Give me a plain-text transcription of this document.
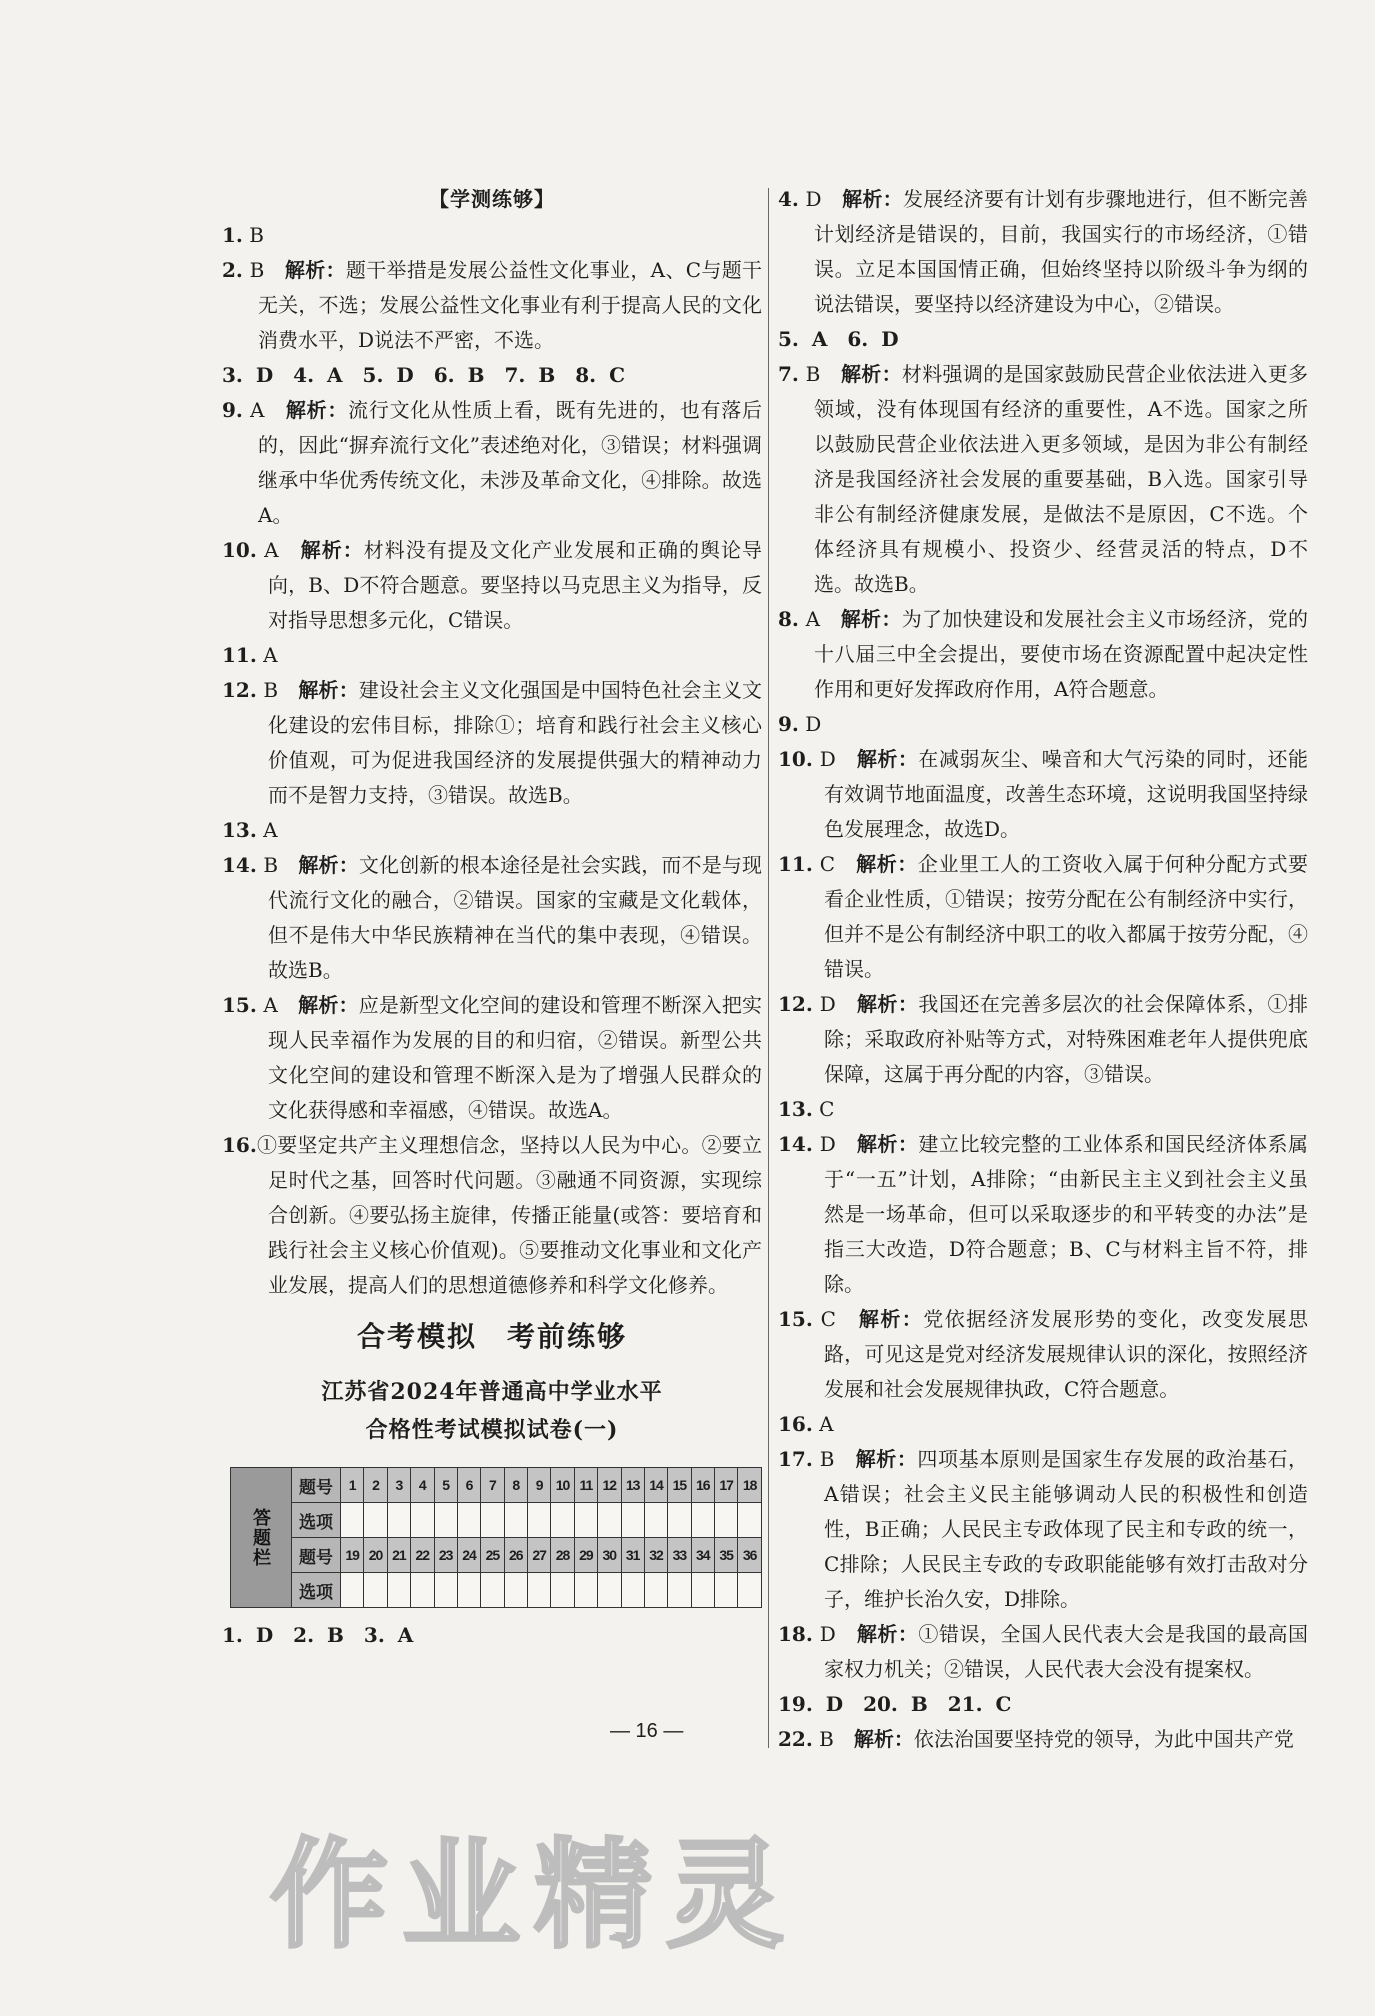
【学测练够】
1. B
2. B　 解析：题干举措是发展公益性文化事业，A、C与题干无关，不选；发展公益性文化事业有利于提高人民的文化消费水平，D说法不严密，不选。
3. D　4. A　5. D　6. B　7. B　8. C
9. A　 解析：流行文化从性质上看，既有先进的，也有落后的，因此“摒弃流行文化”表述绝对化，③错误；材料强调继承中华优秀传统文化，未涉及革命文化，④排除。故选A。
10. A　 解析：材料没有提及文化产业发展和正确的舆论导向，B、D不符合题意。要坚持以马克思主义为指导，反对指导思想多元化，C错误。
11. A
12. B　 解析：建设社会主义文化强国是中国特色社会主义文化建设的宏伟目标，排除①；培育和践行社会主义核心价值观，可为促进我国经济的发展提供强大的精神动力而不是智力支持，③错误。故选B。
13. A
14. B　 解析：文化创新的根本途径是社会实践，而不是与现代流行文化的融合，②错误。国家的宝藏是文化载体，但不是伟大中华民族精神在当代的集中表现，④错误。故选B。
15. A　 解析：应是新型文化空间的建设和管理不断深入把实现人民幸福作为发展的目的和归宿，②错误。新型公共文化空间的建设和管理不断深入是为了增强人民群众的文化获得感和幸福感，④错误。故选A。
16.①要坚定共产主义理想信念，坚持以人民为中心。②要立足时代之基，回答时代问题。③融通不同资源，实现综合创新。④要弘扬主旋律，传播正能量(或答：要培育和践行社会主义核心价值观)。⑤要推动文化事业和文化产业发展，提高人们的思想道德修养和科学文化修养。
合考模拟　考前练够
江苏省2024年普通高中学业水平
合格性考试模拟试卷(一)
答题栏	题号	1	2	3	4	5	6	7	8	9	10	11	12	13	14	15	16	17	18
	选项																		
	题号	19	20	21	22	23	24	25	26	27	28	29	30	31	32	33	34	35	36
	选项																		
1. D　2. B　3. A
4. D　 解析：发展经济要有计划有步骤地进行，但不断完善计划经济是错误的，目前，我国实行的市场经济，①错误。立足本国国情正确，但始终坚持以阶级斗争为纲的说法错误，要坚持以经济建设为中心，②错误。
5. A　6. D
7. B　 解析：材料强调的是国家鼓励民营企业依法进入更多领域，没有体现国有经济的重要性，A不选。国家之所以鼓励民营企业依法进入更多领域，是因为非公有制经济是我国经济社会发展的重要基础，B入选。国家引导非公有制经济健康发展，是做法不是原因，C不选。个体经济具有规模小、投资少、经营灵活的特点，D不选。故选B。
8. A　 解析：为了加快建设和发展社会主义市场经济，党的十八届三中全会提出，要使市场在资源配置中起决定性作用和更好发挥政府作用，A符合题意。
9. D
10. D　 解析：在减弱灰尘、噪音和大气污染的同时，还能有效调节地面温度，改善生态环境，这说明我国坚持绿色发展理念，故选D。
11. C　 解析：企业里工人的工资收入属于何种分配方式要看企业性质，①错误；按劳分配在公有制经济中实行，但并不是公有制经济中职工的收入都属于按劳分配，④错误。
12. D　 解析：我国还在完善多层次的社会保障体系，①排除；采取政府补贴等方式，对特殊困难老年人提供兜底保障，这属于再分配的内容，③错误。
13. C
14. D　 解析：建立比较完整的工业体系和国民经济体系属于“一五”计划，A排除；“由新民主主义到社会主义虽然是一场革命，但可以采取逐步的和平转变的办法”是指三大改造，D符合题意；B、C与材料主旨不符，排除。
15. C　 解析：党依据经济发展形势的变化，改变发展思路，可见这是党对经济发展规律认识的深化，按照经济发展和社会发展规律执政，C符合题意。
16. A
17. B　 解析：四项基本原则是国家生存发展的政治基石，A错误；社会主义民主能够调动人民的积极性和创造性，B正确；人民民主专政体现了民主和专政的统一，C排除；人民民主专政的专政职能能够有效打击敌对分子，维护长治久安，D排除。
18. D　 解析：①错误，全国人民代表大会是我国的最高国家权力机关；②错误，人民代表大会没有提案权。
19. D　20. B　21. C
22. B　 解析：依法治国要坚持党的领导，为此中国共产党
— 16 —
作业精灵
